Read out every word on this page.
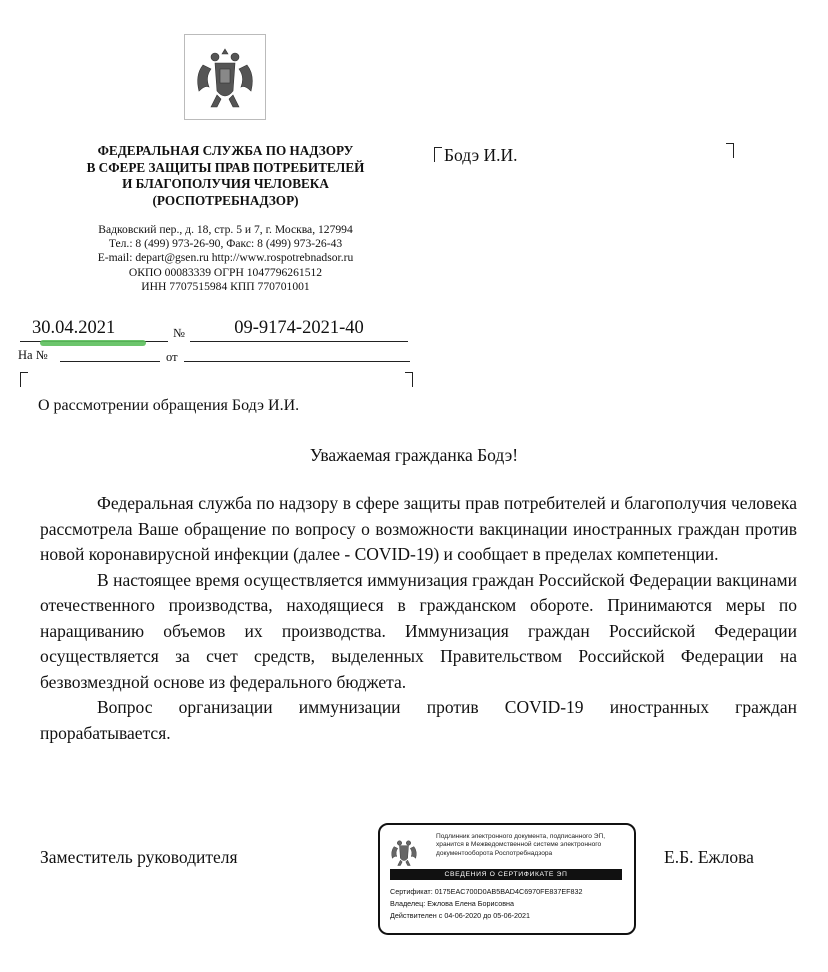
ФЕДЕРАЛЬНАЯ СЛУЖБА ПО НАДЗОРУ
В СФЕРЕ ЗАЩИТЫ ПРАВ ПОТРЕБИТЕЛЕЙ
И БЛАГОПОЛУЧИЯ ЧЕЛОВЕКА
(РОСПОТРЕБНАДЗОР)
Вадковский пер., д. 18, стр. 5 и 7, г. Москва, 127994
Тел.: 8 (499) 973-26-90, Факс: 8 (499) 973-26-43
E-mail: depart@gsen.ru http://www.rospotrebnadsor.ru
ОКПО 00083339 ОГРН 1047796261512
ИНН 7707515984 КПП 770701001
Бодэ И.И.
30.04.2021	№	09-9174-2021-40
На №	от
О рассмотрении обращения Бодэ И.И.
Уважаемая гражданка Бодэ!

Федеральная служба по надзору в сфере защиты прав потребителей и благополучия человека рассмотрела Ваше обращение по вопросу о возможности вакцинации иностранных граждан против новой коронавирусной инфекции (далее - COVID-19) и сообщает в пределах компетенции.

В настоящее время осуществляется иммунизация граждан Российской Федерации вакцинами отечественного производства, находящиеся в гражданском обороте. Принимаются меры по наращиванию объемов их производства. Иммунизация граждан Российской Федерации осуществляется за счет средств, выделенных Правительством Российской Федерации на безвозмездной основе из федерального бюджета.

Вопрос организации иммунизации против COVID-19 иностранных граждан прорабатывается.

Заместитель руководителя	Е.Б. Ежлова
Подлинник электронного документа, подписанного ЭП,
хранится в Межведомственной системе электронного
документооборота Роспотребнадзора
СВЕДЕНИЯ О СЕРТИФИКАТЕ ЭП
Сертификат: 0175EAC700D0AB5BAD4C6970FE837EF832
Владелец: Ежлова Елена Борисовна
Действителен с 04-06-2020 до 05-06-2021
